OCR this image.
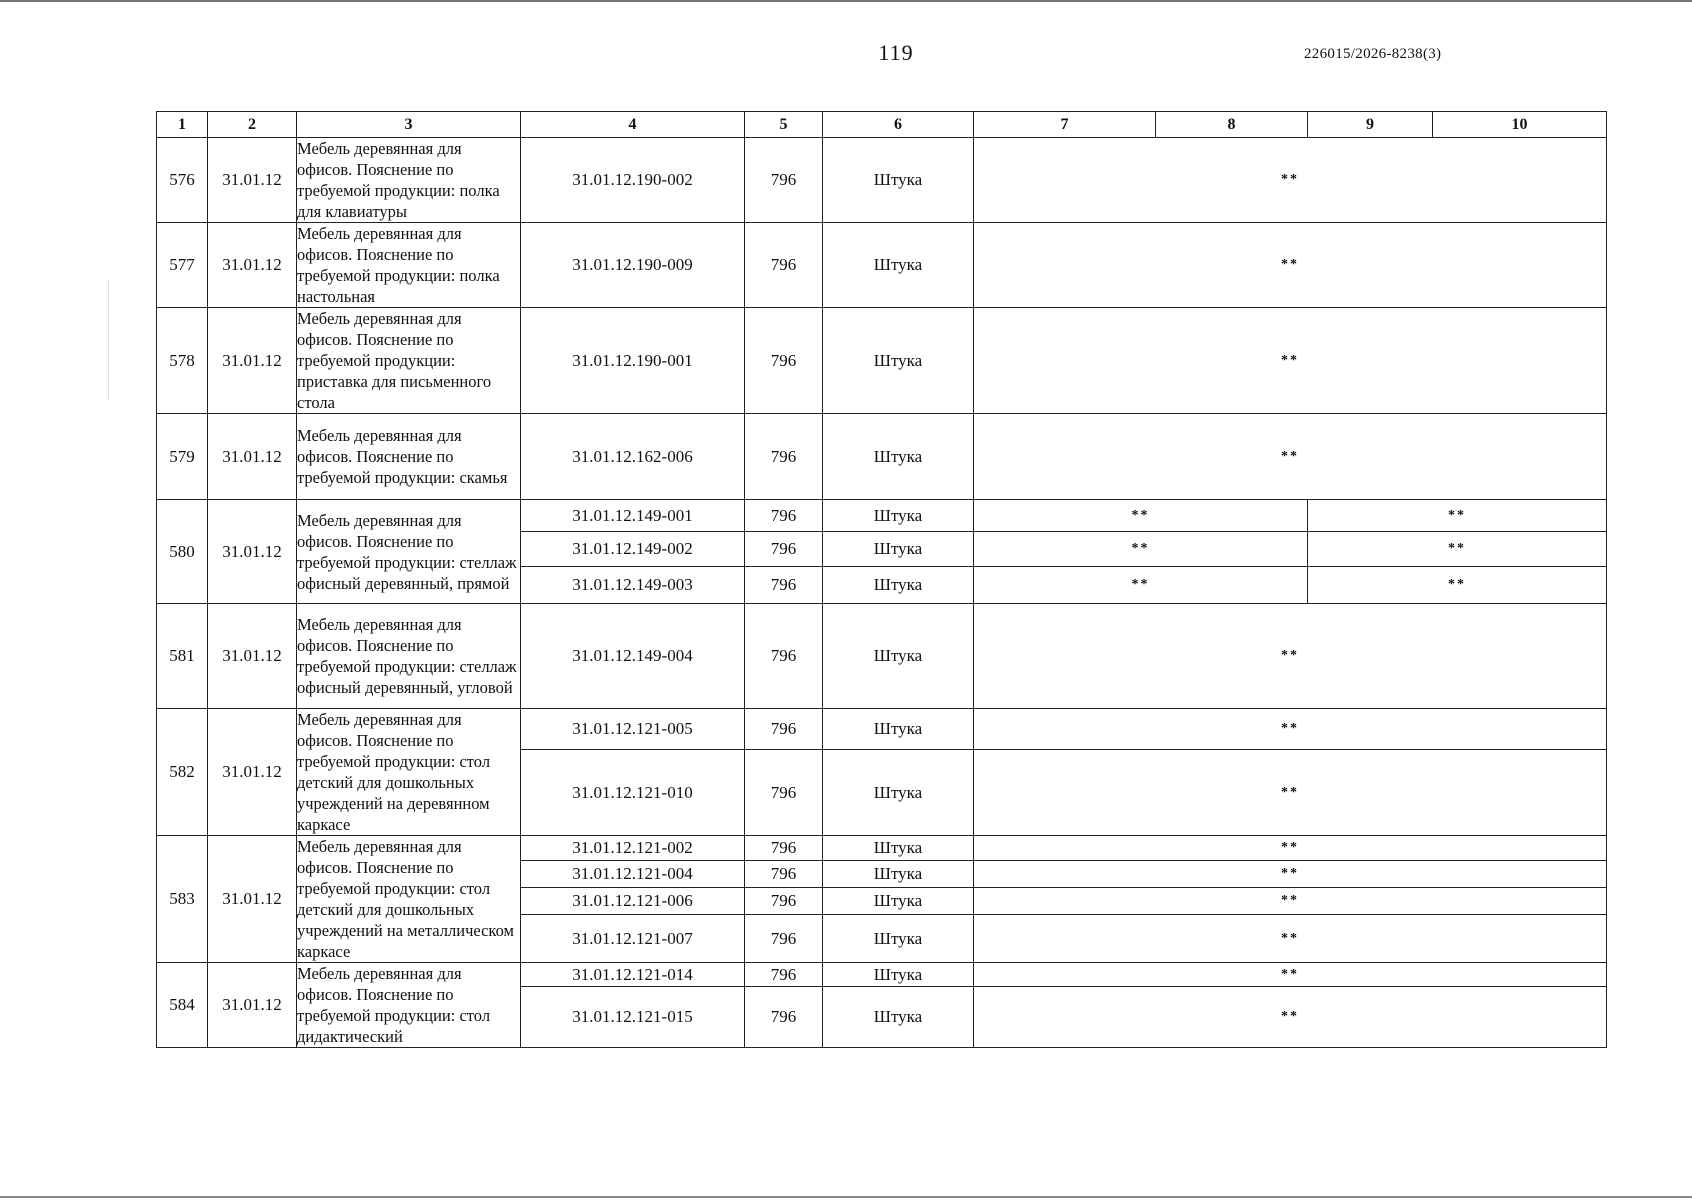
119	226015/2026-8238(3)
1	2	3	4	5	6	7	8	9	10
576	31.01.12	Мебель деревянная для офисов. Пояснение по требуемой продукции: полка для клавиатуры	31.01.12.190-002	796	Штука	**			
577	31.01.12	Мебель деревянная для офисов. Пояснение по требуемой продукции: полка настольная	31.01.12.190-009	796	Штука	**			
578	31.01.12	Мебель деревянная для офисов. Пояснение по требуемой продукции: приставка для письменного стола	31.01.12.190-001	796	Штука	**			
579	31.01.12	Мебель деревянная для офисов. Пояснение по требуемой продукции: скамья	31.01.12.162-006	796	Штука	**			
580	31.01.12	Мебель деревянная для офисов. Пояснение по требуемой продукции: стеллаж офисный деревянный, прямой	31.01.12.149-001	796	Штука	**		**	
			31.01.12.149-002	796	Штука	**		**	
			31.01.12.149-003	796	Штука	**		**	
581	31.01.12	Мебель деревянная для офисов. Пояснение по требуемой продукции: стеллаж офисный деревянный, угловой	31.01.12.149-004	796	Штука	**			
582	31.01.12	Мебель деревянная для офисов. Пояснение по требуемой продукции: стол детский для дошкольных учреждений на деревянном каркасе	31.01.12.121-005	796	Штука	**			
			31.01.12.121-010	796	Штука	**			
583	31.01.12	Мебель деревянная для офисов. Пояснение по требуемой продукции: стол детский для дошкольных учреждений на металлическом каркасе	31.01.12.121-002	796	Штука	**			
			31.01.12.121-004	796	Штука	**			
			31.01.12.121-006	796	Штука	**			
			31.01.12.121-007	796	Штука	**			
584	31.01.12	Мебель деревянная для офисов. Пояснение по требуемой продукции: стол дидактический	31.01.12.121-014	796	Штука	**			
			31.01.12.121-015	796	Штука	**			
